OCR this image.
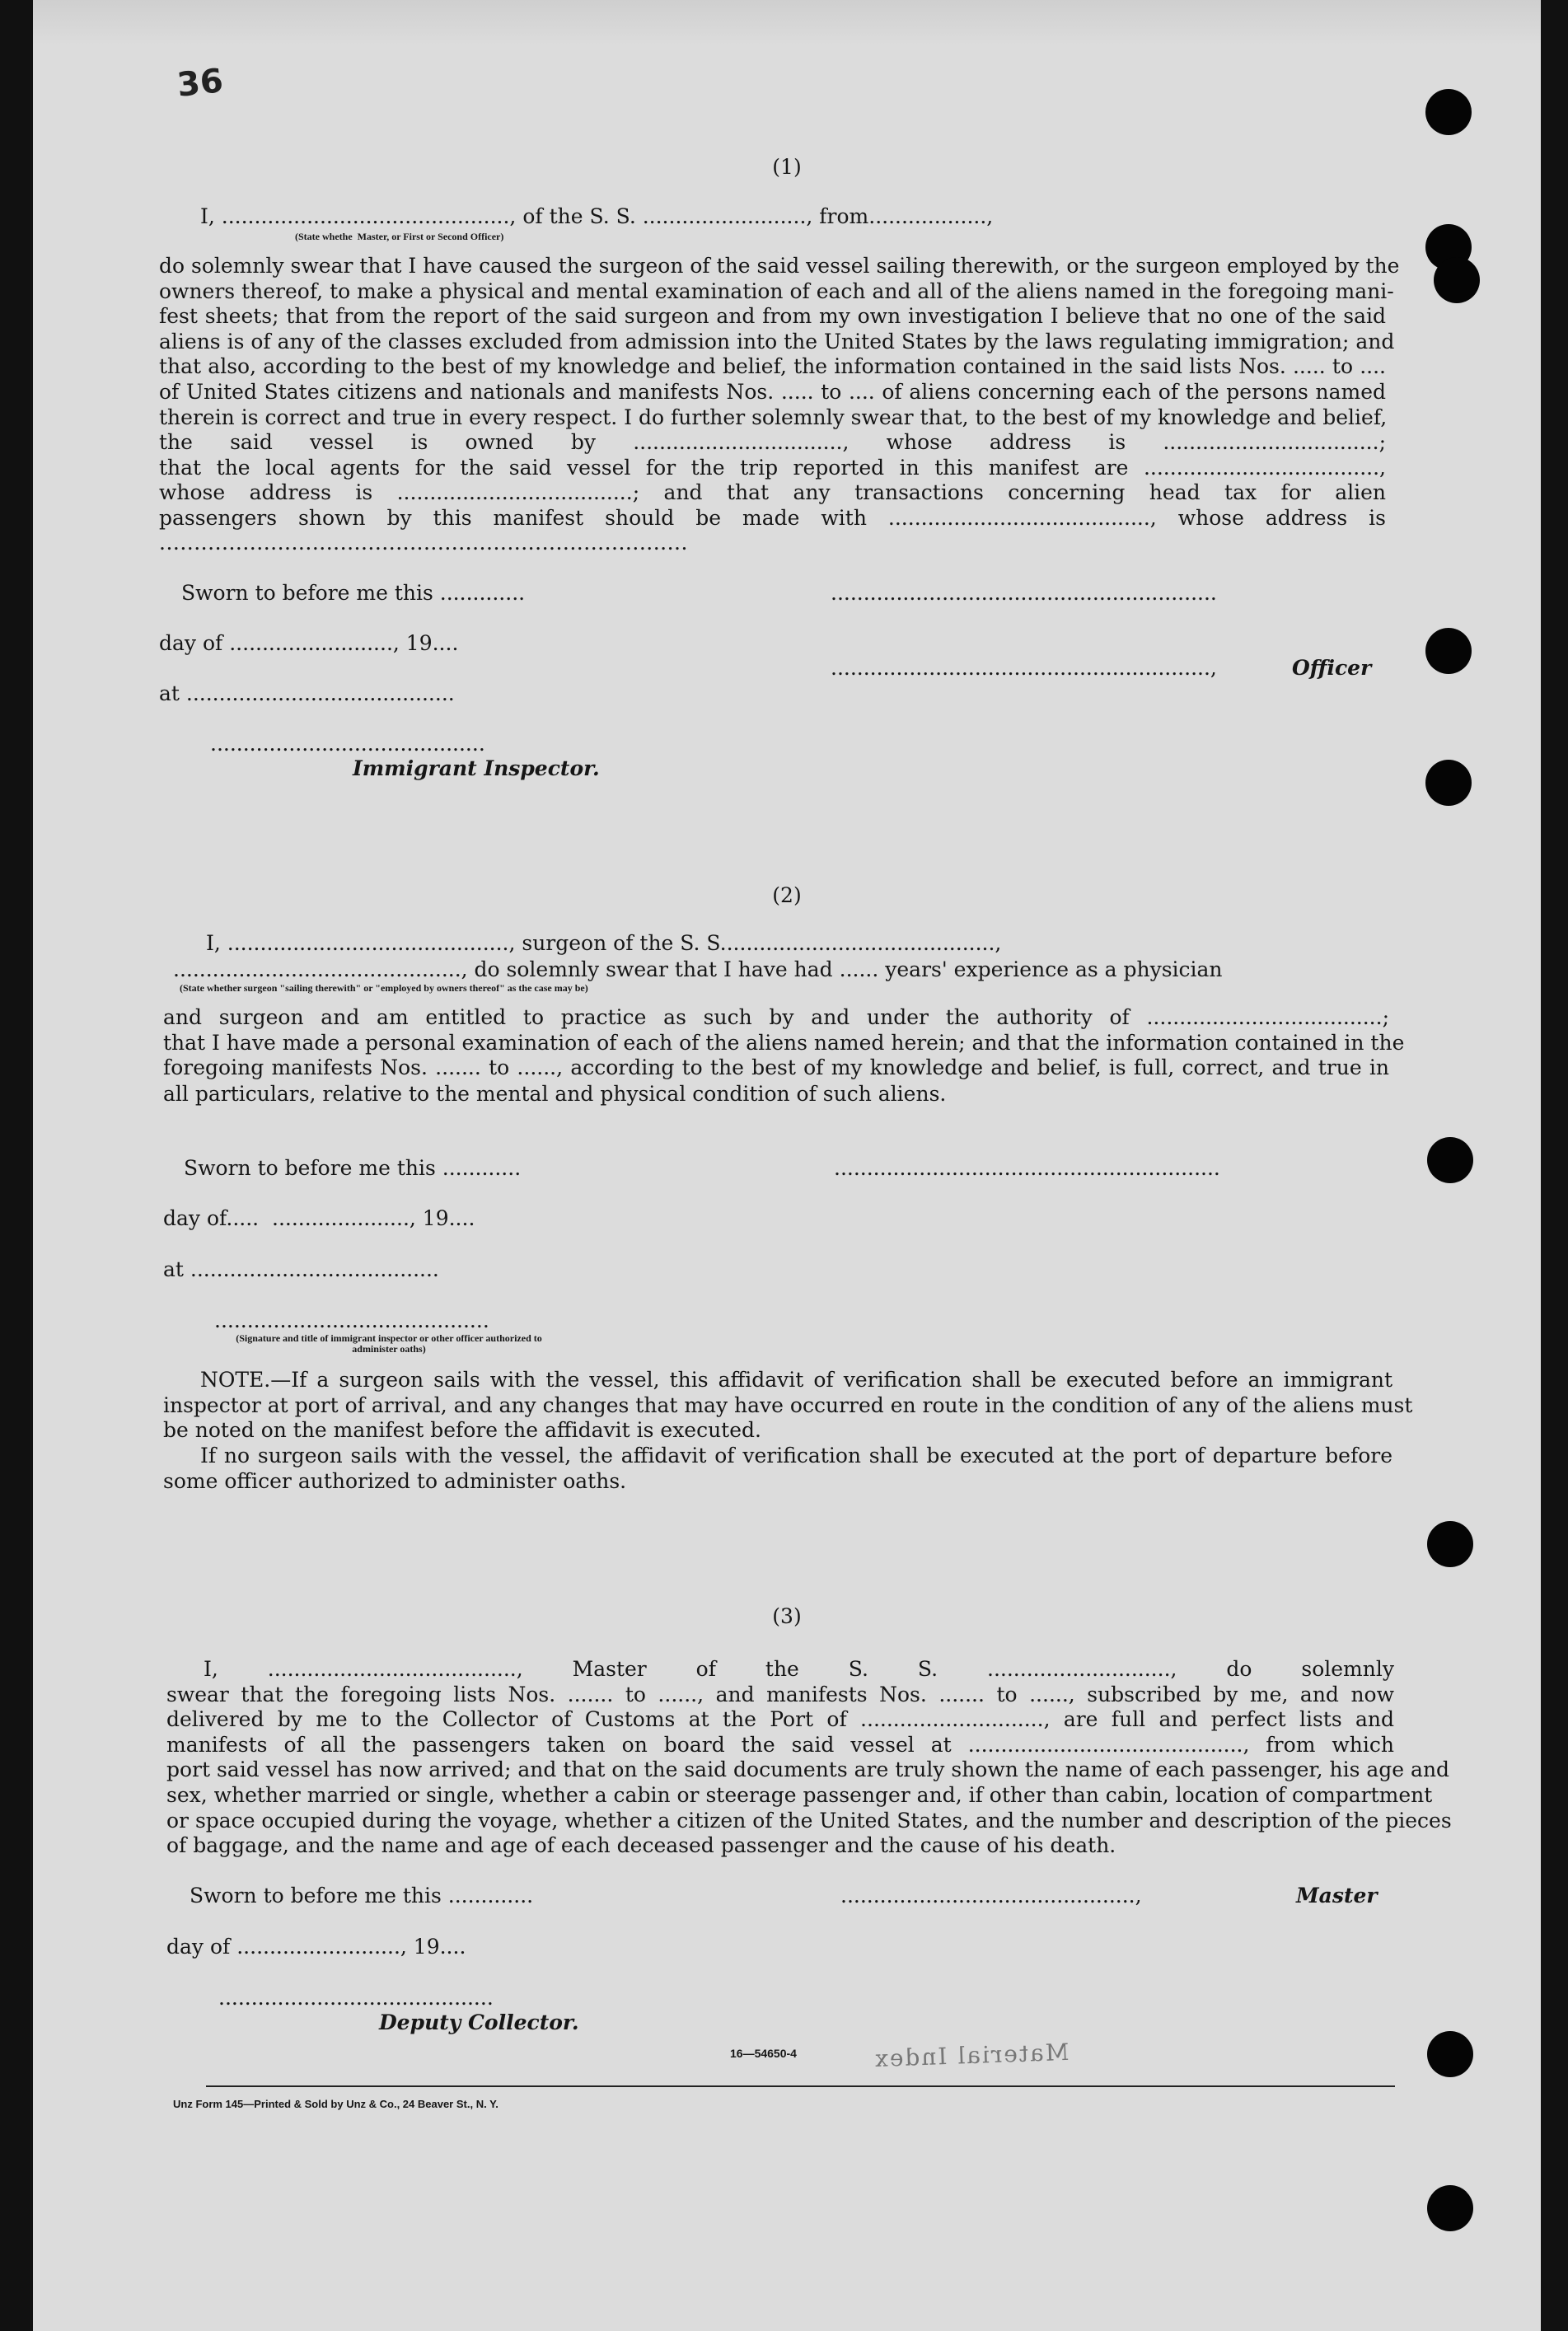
36
(1)
I, ............................................, of the S. S. ........................., from..................,
(State whethe  Master, or First or Second Officer)
do solemnly swear that I have caused the surgeon of the said vessel sailing therewith, or the surgeon employed by the
owners thereof, to make a physical and mental examination of each and all of the aliens named in the foregoing mani-
fest sheets; that from the report of the said surgeon and from my own investigation I believe that no one of the said
aliens is of any of the classes excluded from admission into the United States by the laws regulating immigration; and
that also, according to the best of my knowledge and belief, the information contained in the said lists Nos. ..... to ....
of United States citizens and nationals and manifests Nos. ..... to .... of aliens concerning each of the persons named
therein is correct and true in every respect. I do further solemnly swear that, to the best of my knowledge and belief,
the said vessel is owned by ................................, whose address is .................................;
that the local agents for the said vessel for the trip reported in this manifest are ....................................,
whose address is ....................................; and that any transactions concerning head tax for alien
passengers shown by this manifest should be made with ........................................, whose address is
............................................................................
Sworn to before me this .............
day of ........................., 19....
at .........................................
..........................................
Immigrant Inspector.
...........................................................
..........................................................,	Officer
(2)
I, ..........................................., surgeon of the S. S..........................................,
............................................, do solemnly swear that I have had ...... years' experience as a physician
(State whether surgeon "sailing therewith" or "employed by owners thereof" as the case may be)
and surgeon and am entitled to practice as such by and under the authority of ....................................;
that I have made a personal examination of each of the aliens named herein; and that the information contained in the
foregoing manifests Nos. ....... to ......, according to the best of my knowledge and belief, is full, correct, and true in
all particulars, relative to the mental and physical condition of such aliens.
Sworn to before me this ............
day of.....  ....................., 19....
at ......................................
..........................................
(Signature and title of immigrant inspector or other officer authorized to administer oaths)
...........................................................
NOTE.—If a surgeon sails with the vessel, this affidavit of verification shall be executed before an immigrant
inspector at port of arrival, and any changes that may have occurred en route in the condition of any of the aliens must
be noted on the manifest before the affidavit is executed.
If no surgeon sails with the vessel, the affidavit of verification shall be executed at the port of departure before
some officer authorized to administer oaths.
(3)
I, ......................................, Master of the S. S. ............................, do solemnly
swear that the foregoing lists Nos. ....... to ......, and manifests Nos. ....... to ......, subscribed by me, and now
delivered by me to the Collector of Customs at the Port of ............................, are full and perfect lists and
manifests of all the passengers taken on board the said vessel at .........................................., from which
port said vessel has now arrived; and that on the said documents are truly shown the name of each passenger, his age and
sex, whether married or single, whether a cabin or steerage passenger and, if other than cabin, location of compartment
or space occupied during the voyage, whether a citizen of the United States, and the number and description of the pieces
of baggage, and the name and age of each deceased passenger and the cause of his death.
Sworn to before me this .............
day of ........................., 19....
..........................................
Deputy Collector.
.............................................,	Master
16—54650-4	Material Index
Unz Form 145—Printed & Sold by Unz & Co., 24 Beaver St., N. Y.
